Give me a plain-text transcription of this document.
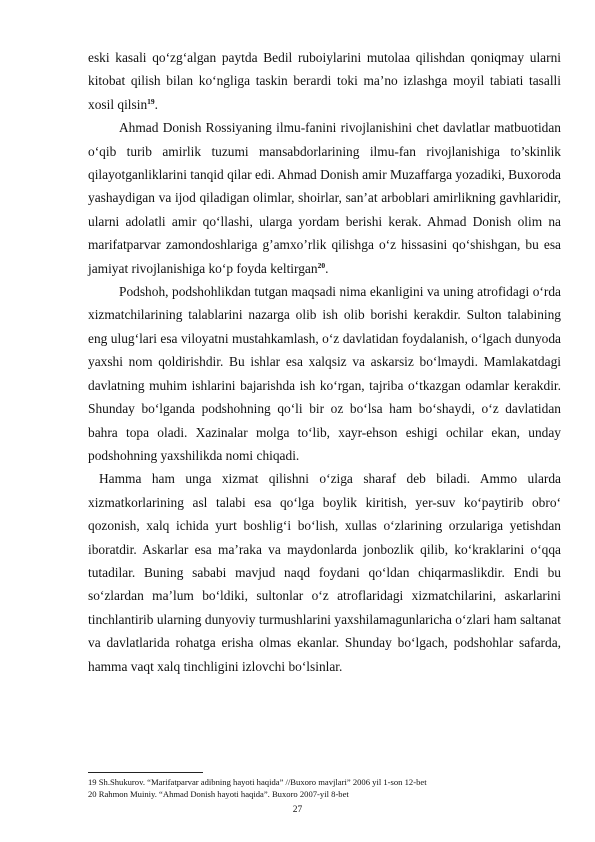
eski kasali qo‘zg‘algan paytda Bedil ruboiylarini mutolaa qilishdan qoniqmay ularni kitobat qilish bilan ko‘ngliga taskin berardi toki ma’no izlashga moyil tabiati tasalli xosil qilsin$^{19}$.

Ahmad Donish Rossiyaning ilmu-fanini rivojlanishini chet davlatlar matbuotidan o‘qib turib amirlik tuzumi mansabdorlarining ilmu-fan rivojlanishiga to’skinlik qilayotganliklarini tanqid qilar edi. Ahmad Donish amir Muzaffarga yozadiki, Buxoroda yashaydigan va ijod qiladigan olimlar, shoirlar, san’at arboblari amirlikning gavhlaridir, ularni adolatli amir qo‘llashi, ularga yordam berishi kerak. Ahmad Donish olim na marifatparvar zamondoshlariga g’amxo’rlik qilishga o‘z hissasini qo‘shishgan, bu esa jamiyat rivojlanishiga ko‘p foyda keltirgan$^{20}$.

Podshoh, podshohlikdan tutgan maqsadi nima ekanligini va uning atrofidagi o‘rda xizmatchilarining talablarini nazarga olib ish olib borishi kerakdir. Sulton talabining eng ulug‘lari esa viloyatni mustahkamlash, o‘z davlatidan foydalanish, o‘lgach dunyoda yaxshi nom qoldirishdir. Bu ishlar esa xalqsiz va askarsiz bo‘lmaydi. Mamlakatdagi davlatning muhim ishlarini bajarishda ish ko‘rgan, tajriba o‘tkazgan odamlar kerakdir. Shunday bo‘lganda podshohning qo‘li bir oz bo‘lsa ham bo‘shaydi, o‘z davlatidan bahra topa oladi. Xazinalar molga to‘lib, xayr-ehson eshigi ochilar ekan, unday podshohning yaxshilikda nomi chiqadi.

Hamma ham unga xizmat qilishni o‘ziga sharaf deb biladi. Ammo ularda xizmatkorlarining asl talabi esa qo‘lga boylik kiritish, yer-suv ko‘paytirib obro‘ qozonish, xalq ichida yurt boshlig‘i bo‘lish, xullas o‘zlarining orzulariga yetishdan iboratdir. Askarlar esa ma’raka va maydonlarda jonbozlik qilib, ko‘kraklarini o‘qqa tutadilar. Buning sababi mavjud naqd foydani qo‘ldan chiqarmaslikdir. Endi bu so‘zlardan ma’lum bo‘ldiki, sultonlar o‘z atroflaridagi xizmatchilarini, askarlarini tinchlantirib ularning dunyoviy turmushlarini yaxshilamagunlaricha o‘zlari ham saltanat va davlatlarida rohatga erisha olmas ekanlar. Shunday bo‘lgach, podshohlar safarda, hamma vaqt xalq tinchligini izlovchi bo‘lsinlar.

19 Sh.Shukurov. “Marifatparvar adibning hayoti haqida” //Buxoro mavjlari” 2006 yil 1-son 12-bet
20 Rahmon Muiniy. “Ahmad Donish hayoti haqida”. Buxoro 2007-yil 8-bet
27
